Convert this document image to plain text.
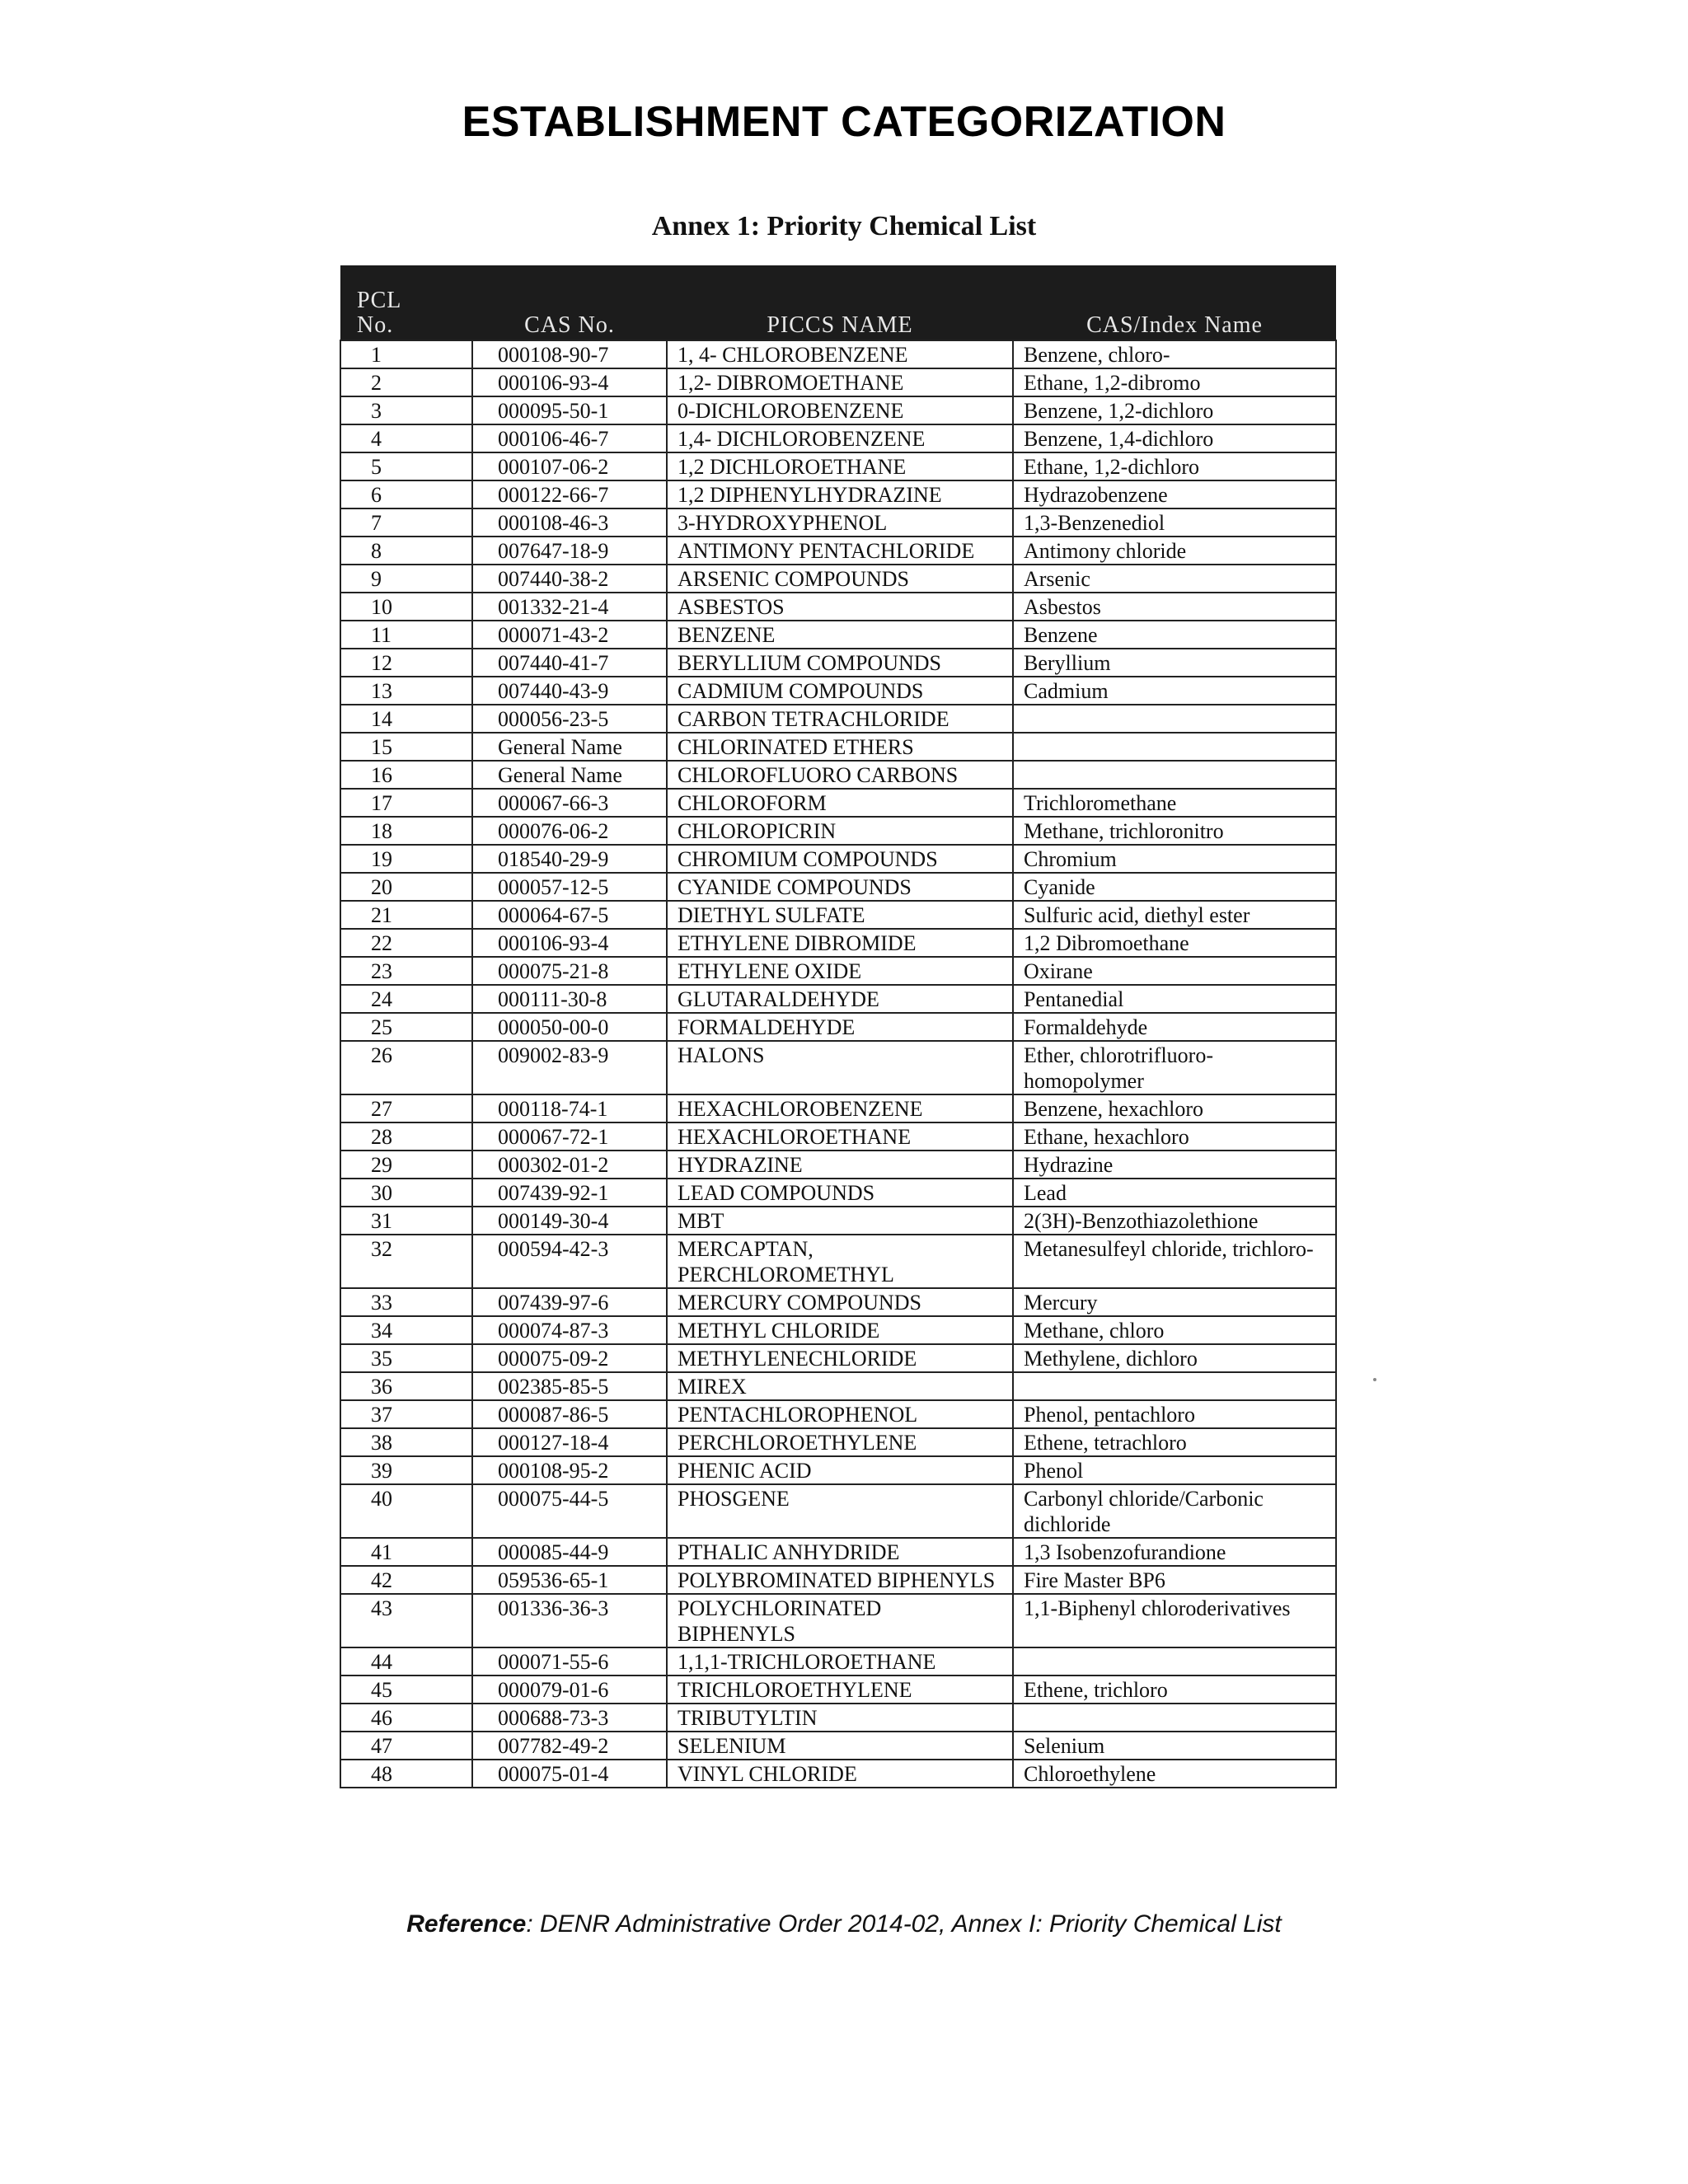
ESTABLISHMENT CATEGORIZATION
Annex 1: Priority Chemical List
PCL
No.	CAS No.	PICCS NAME	CAS/Index Name
1	000108-90-7	1, 4- CHLOROBENZENE	Benzene, chloro-
2	000106-93-4	1,2- DIBROMOETHANE	Ethane, 1,2-dibromo
3	000095-50-1	0-DICHLOROBENZENE	Benzene, 1,2-dichloro
4	000106-46-7	1,4- DICHLOROBENZENE	Benzene, 1,4-dichloro
5	000107-06-2	1,2 DICHLOROETHANE	Ethane, 1,2-dichloro
6	000122-66-7	1,2 DIPHENYLHYDRAZINE	Hydrazobenzene
7	000108-46-3	3-HYDROXYPHENOL	1,3-Benzenediol
8	007647-18-9	ANTIMONY PENTACHLORIDE	Antimony chloride
9	007440-38-2	ARSENIC COMPOUNDS	Arsenic
10	001332-21-4	ASBESTOS	Asbestos
11	000071-43-2	BENZENE	Benzene
12	007440-41-7	BERYLLIUM COMPOUNDS	Beryllium
13	007440-43-9	CADMIUM COMPOUNDS	Cadmium
14	000056-23-5	CARBON TETRACHLORIDE	
15	General Name	CHLORINATED ETHERS	
16	General Name	CHLOROFLUORO CARBONS	
17	000067-66-3	CHLOROFORM	Trichloromethane
18	000076-06-2	CHLOROPICRIN	Methane, trichloronitro
19	018540-29-9	CHROMIUM COMPOUNDS	Chromium
20	000057-12-5	CYANIDE COMPOUNDS	Cyanide
21	000064-67-5	DIETHYL SULFATE	Sulfuric acid, diethyl ester
22	000106-93-4	ETHYLENE DIBROMIDE	1,2 Dibromoethane
23	000075-21-8	ETHYLENE OXIDE	Oxirane
24	000111-30-8	GLUTARALDEHYDE	Pentanedial
25	000050-00-0	FORMALDEHYDE	Formaldehyde
26	009002-83-9	HALONS	Ether, chlorotrifluoro-homopolymer
27	000118-74-1	HEXACHLOROBENZENE	Benzene, hexachloro
28	000067-72-1	HEXACHLOROETHANE	Ethane, hexachloro
29	000302-01-2	HYDRAZINE	Hydrazine
30	007439-92-1	LEAD COMPOUNDS	Lead
31	000149-30-4	MBT	2(3H)-Benzothiazolethione
32	000594-42-3	MERCAPTAN, PERCHLOROMETHYL	Metanesulfeyl chloride, trichloro-
33	007439-97-6	MERCURY COMPOUNDS	Mercury
34	000074-87-3	METHYL CHLORIDE	Methane, chloro
35	000075-09-2	METHYLENECHLORIDE	Methylene, dichloro
36	002385-85-5	MIREX	
37	000087-86-5	PENTACHLOROPHENOL	Phenol, pentachloro
38	000127-18-4	PERCHLOROETHYLENE	Ethene, tetrachloro
39	000108-95-2	PHENIC ACID	Phenol
40	000075-44-5	PHOSGENE	Carbonyl chloride/Carbonic dichloride
41	000085-44-9	PTHALIC ANHYDRIDE	1,3 Isobenzofurandione
42	059536-65-1	POLYBROMINATED BIPHENYLS	Fire Master BP6
43	001336-36-3	POLYCHLORINATED BIPHENYLS	1,1-Biphenyl chloroderivatives
44	000071-55-6	1,1,1-TRICHLOROETHANE	
45	000079-01-6	TRICHLOROETHYLENE	Ethene, trichloro
46	000688-73-3	TRIBUTYLTIN	
47	007782-49-2	SELENIUM	Selenium
48	000075-01-4	VINYL CHLORIDE	Chloroethylene
Reference: DENR Administrative Order 2014-02, Annex I: Priority Chemical List
